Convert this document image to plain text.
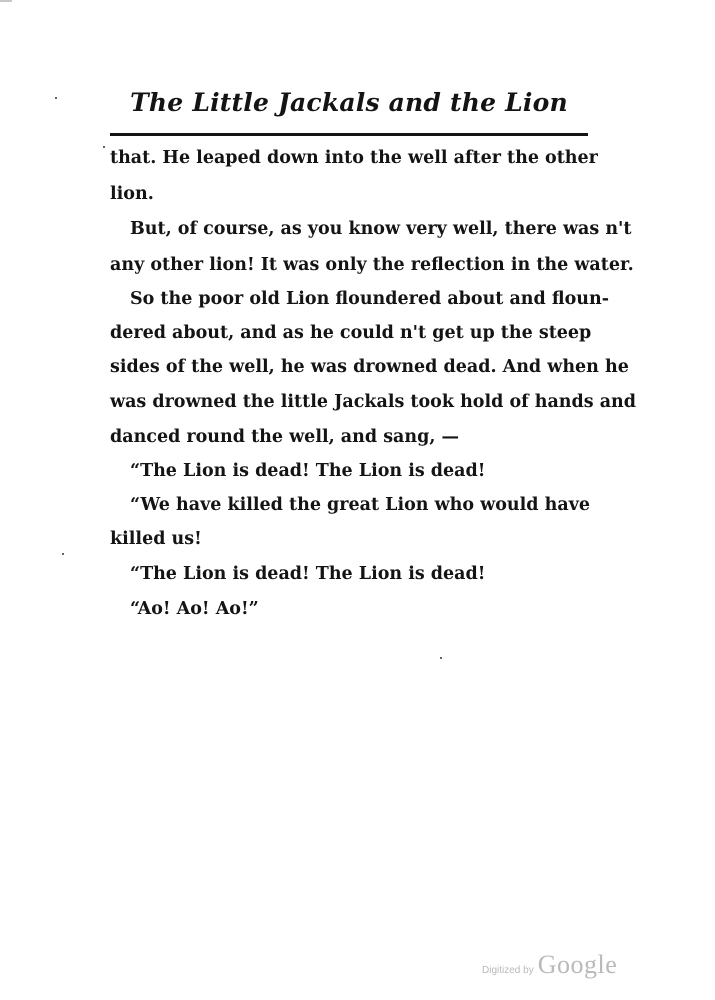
The Little Jackals and the Lion
that. He leaped down into the well after the other
lion.
But, of course, as you know very well, there was n't
any other lion! It was only the reflection in the water.
So the poor old Lion floundered about and floun-
dered about, and as he could n't get up the steep
sides of the well, he was drowned dead. And when he
was drowned the little Jackals took hold of hands and
danced round the well, and sang, —
“The Lion is dead! The Lion is dead!
“We have killed the great Lion who would have
killed us!
“The Lion is dead! The Lion is dead!
“Ao! Ao! Ao!”
Digitized by Google
